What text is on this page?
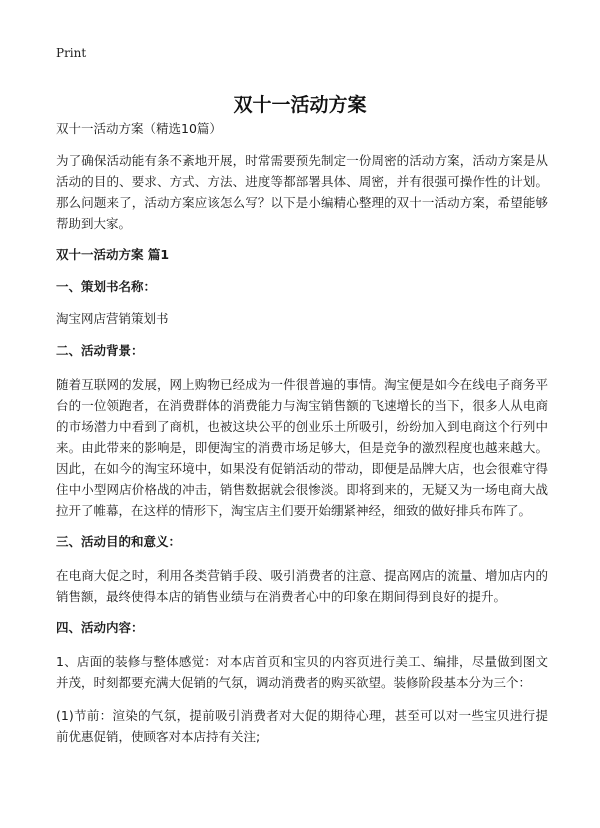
Print
双十一活动方案
双十一活动方案（精选10篇）

为了确保活动能有条不紊地开展，时常需要预先制定一份周密的活动方案，活动方案是从活动的目的、要求、方式、方法、进度等都部署具体、周密，并有很强可操作性的计划。那么问题来了，活动方案应该怎么写？以下是小编精心整理的双十一活动方案，希望能够帮助到大家。

双十一活动方案 篇1
一、策划书名称：
淘宝网店营销策划书
二、活动背景：

随着互联网的发展，网上购物已经成为一件很普遍的事情。淘宝便是如今在线电子商务平台的一位领跑者，在消费群体的消费能力与淘宝销售额的飞速增长的当下，很多人从电商的市场潜力中看到了商机，也被这块公平的创业乐土所吸引，纷纷加入到电商这个行列中来。由此带来的影响是，即便淘宝的消费市场足够大，但是竞争的激烈程度也越来越大。因此，在如今的淘宝环境中，如果没有促销活动的带动，即便是品牌大店，也会很难守得住中小型网店价格战的冲击，销售数据就会很惨淡。即将到来的，无疑又为一场电商大战拉开了帷幕，在这样的情形下，淘宝店主们要开始绷紧神经，细致的做好排兵布阵了。

三、活动目的和意义：

在电商大促之时，利用各类营销手段、吸引消费者的注意、提高网店的流量、增加店内的销售额，最终使得本店的销售业绩与在消费者心中的印象在期间得到良好的提升。

四、活动内容：

1、店面的装修与整体感觉：对本店首页和宝贝的内容页进行美工、编排，尽量做到图文并茂，时刻都要充满大促销的气氛，调动消费者的购买欲望。装修阶段基本分为三个：

(1)节前：渲染的气氛，提前吸引消费者对大促的期待心理，甚至可以对一些宝贝进行提前优惠促销，使顾客对本店持有关注;
